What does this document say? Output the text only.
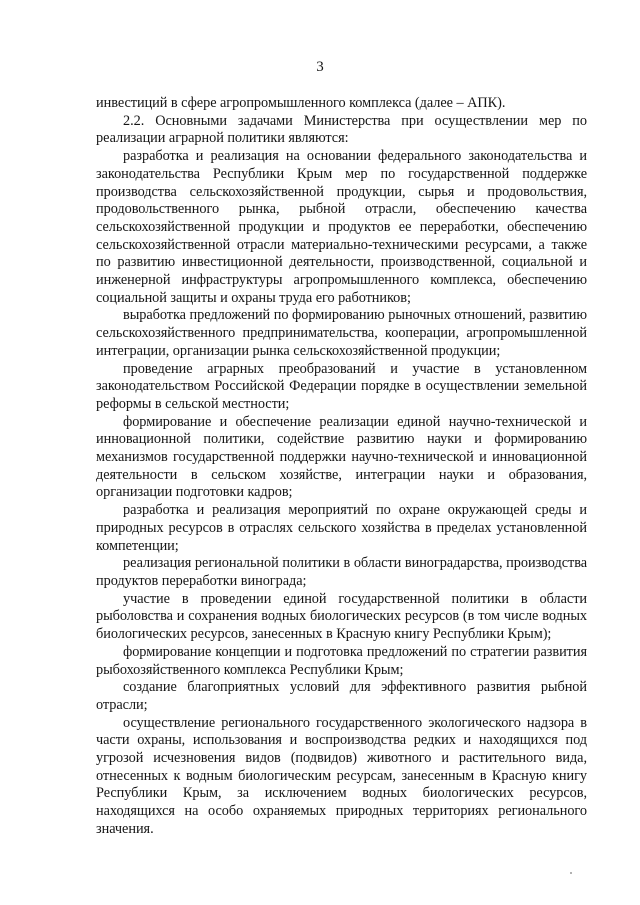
3

инвестиций в сфере агропромышленного комплекса (далее – АПК).

2.2. Основными задачами Министерства при осуществлении мер по реализации аграрной политики являются:

разработка и реализация на основании федерального законодательства и законодательства Республики Крым мер по государственной поддержке производства сельскохозяйственной продукции, сырья и продовольствия, продовольственного рынка, рыбной отрасли, обеспечению качества сельскохозяйственной продукции и продуктов ее переработки, обеспечению сельскохозяйственной отрасли материально-техническими ресурсами, а также по развитию инвестиционной деятельности, производственной, социальной и инженерной инфраструктуры агропромышленного комплекса, обеспечению социальной защиты и охраны труда его работников;

выработка предложений по формированию рыночных отношений, развитию сельскохозяйственного предпринимательства, кооперации, агропромышленной интеграции, организации рынка сельскохозяйственной продукции;

проведение аграрных преобразований и участие в установленном законодательством Российской Федерации порядке в осуществлении земельной реформы в сельской местности;

формирование и обеспечение реализации единой научно-технической и инновационной политики, содействие развитию науки и формированию механизмов государственной поддержки научно-технической и инновационной деятельности в сельском хозяйстве, интеграции науки и образования, организации подготовки кадров;

разработка и реализация мероприятий по охране окружающей среды и природных ресурсов в отраслях сельского хозяйства в пределах установленной компетенции;

реализация региональной политики в области виноградарства, производства продуктов переработки винограда;

участие в проведении единой государственной политики в области рыболовства и сохранения водных биологических ресурсов (в том числе водных биологических ресурсов, занесенных в Красную книгу Республики Крым);

формирование концепции и подготовка предложений по стратегии развития рыбохозяйственного комплекса Республики Крым;

создание благоприятных условий для эффективного развития рыбной отрасли;

осуществление регионального государственного экологического надзора в части охраны, использования и воспроизводства редких и находящихся под угрозой исчезновения видов (подвидов) животного и растительного вида, отнесенных к водным биологическим ресурсам, занесенным в Красную книгу Республики Крым, за исключением водных биологических ресурсов, находящихся на особо охраняемых природных территориях регионального значения.
